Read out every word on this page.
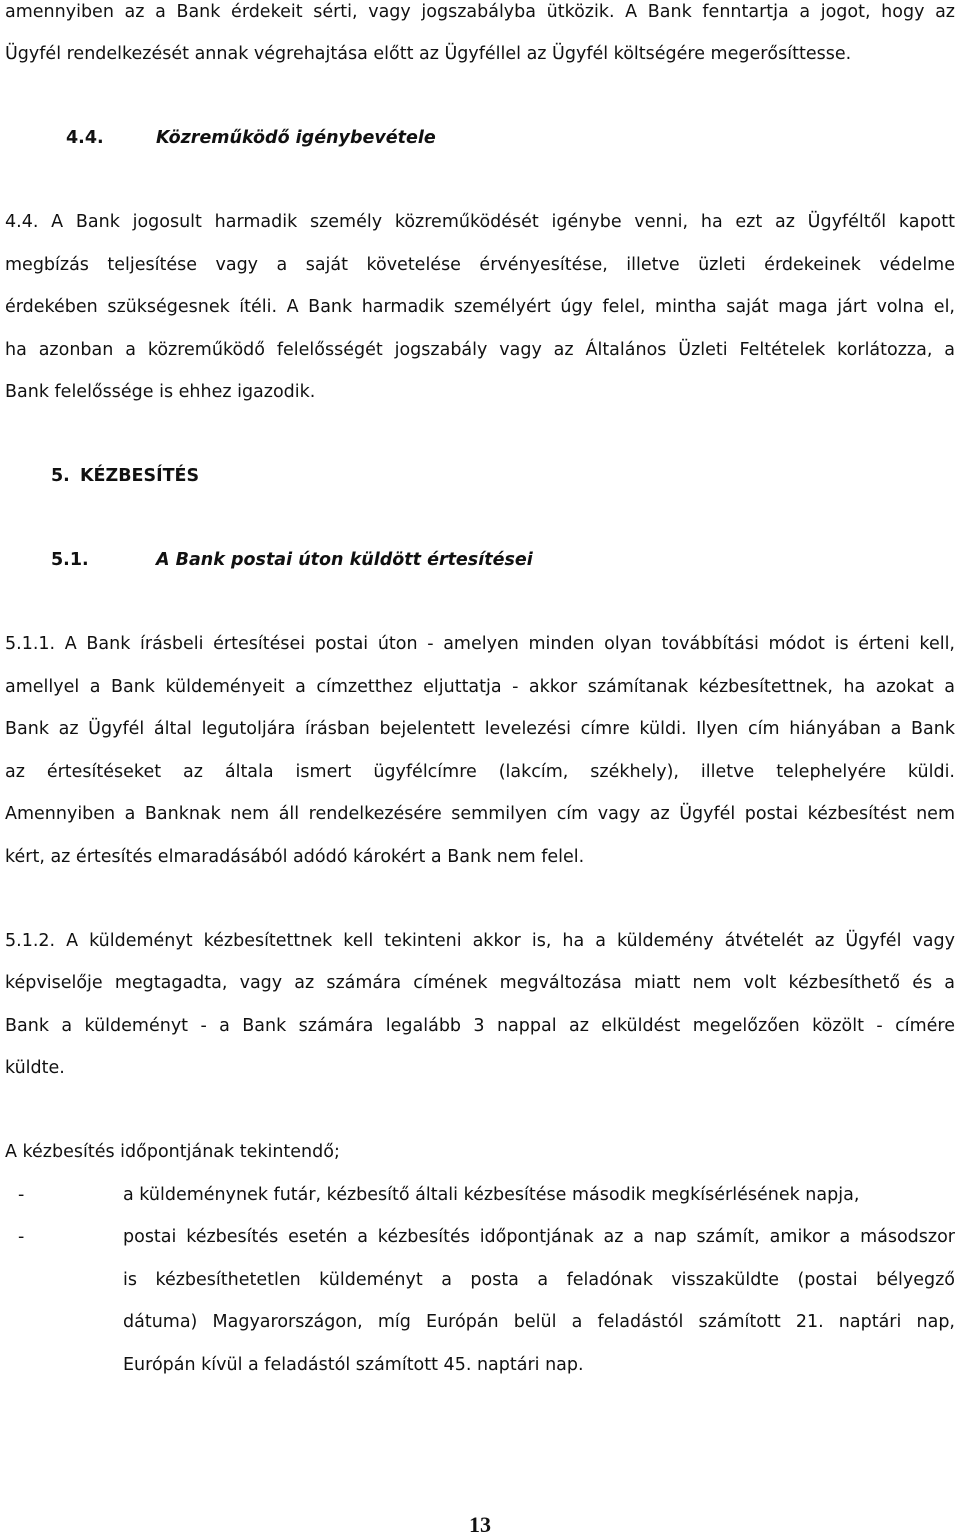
amennyiben az a Bank érdekeit sérti, vagy jogszabályba ütközik. A Bank fenntartja a jogot, hogy az
Ügyfél rendelkezését annak végrehajtása előtt az Ügyféllel az Ügyfél költségére megerősíttesse.
4.4.	Közreműködő igénybevétele
4.4. A Bank jogosult harmadik személy közreműködését igénybe venni, ha ezt az Ügyféltől kapott
megbízás teljesítése vagy a saját követelése érvényesítése, illetve üzleti érdekeinek védelme
érdekében szükségesnek ítéli. A Bank harmadik személyért úgy felel, mintha saját maga járt volna el,
ha azonban a közreműködő felelősségét jogszabály vagy az Általános Üzleti Feltételek korlátozza, a
Bank felelőssége is ehhez igazodik.
5. KÉZBESÍTÉS
5.1.	A Bank postai úton küldött értesítései
5.1.1. A Bank írásbeli értesítései postai úton - amelyen minden olyan továbbítási módot is érteni kell,
amellyel a Bank küldeményeit a címzetthez eljuttatja - akkor számítanak kézbesítettnek, ha azokat a
Bank az Ügyfél által legutoljára írásban bejelentett levelezési címre küldi. Ilyen cím hiányában a Bank
az értesítéseket az általa ismert ügyfélcímre (lakcím, székhely), illetve telephelyére küldi.
Amennyiben a Banknak nem áll rendelkezésére semmilyen cím vagy az Ügyfél postai kézbesítést nem
kért, az értesítés elmaradásából adódó károkért a Bank nem felel.
5.1.2. A küldeményt kézbesítettnek kell tekinteni akkor is, ha a küldemény átvételét az Ügyfél vagy
képviselője megtagadta, vagy az számára címének megváltozása miatt nem volt kézbesíthető és a
Bank a küldeményt - a Bank számára legalább 3 nappal az elküldést megelőzően közölt - címére
küldte.
A kézbesítés időpontjának tekintendő;
-	a küldeménynek futár, kézbesítő általi kézbesítése második megkísérlésének napja,
-	postai kézbesítés esetén a kézbesítés időpontjának az a nap számít, amikor a másodszor
is kézbesíthetetlen küldeményt a posta a feladónak visszaküldte (postai bélyegző
dátuma) Magyarországon, míg Európán belül a feladástól számított 21. naptári nap,
Európán kívül a feladástól számított 45. naptári nap.
13
